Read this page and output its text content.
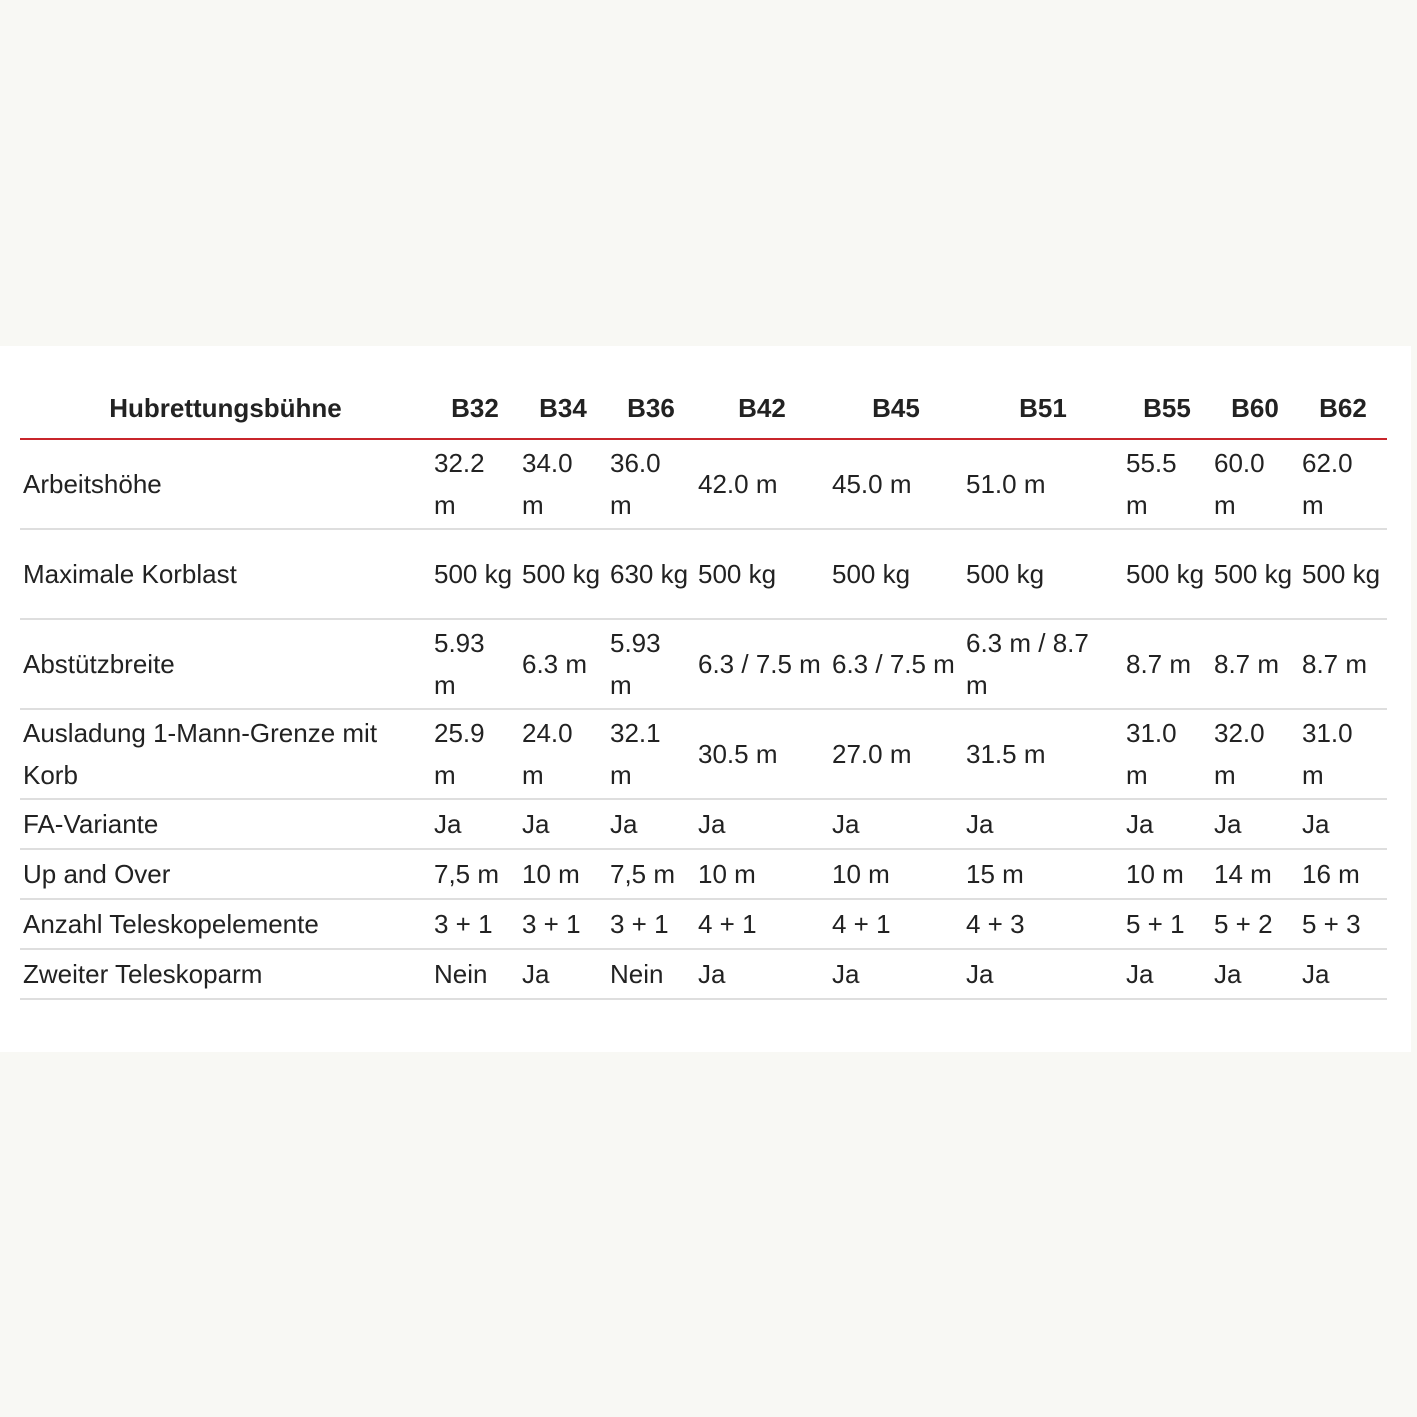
Hubrettungsbühne	B32	B34	B36	B42	B45	B51	B55	B60	B62
Arbeitshöhe	32.2 m	34.0 m	36.0 m	42.0 m	45.0 m	51.0 m	55.5 m	60.0 m	62.0 m
Maximale Korblast	500 kg	500 kg	630 kg	500 kg	500 kg	500 kg	500 kg	500 kg	500 kg
Abstützbreite	5.93 m	6.3 m	5.93 m	6.3 / 7.5 m	6.3 / 7.5 m	6.3 m / 8.7 m	8.7 m	8.7 m	8.7 m
Ausladung 1-Mann-Grenze mit Korb	25.9 m	24.0 m	32.1 m	30.5 m	27.0 m	31.5 m	31.0 m	32.0 m	31.0 m
FA-Variante	Ja	Ja	Ja	Ja	Ja	Ja	Ja	Ja	Ja
Up and Over	7,5 m	10 m	7,5 m	10 m	10 m	15 m	10 m	14 m	16 m
Anzahl Teleskopelemente	3 + 1	3 + 1	3 + 1	4 + 1	4 + 1	4 + 3	5 + 1	5 + 2	5 + 3
Zweiter Teleskoparm	Nein	Ja	Nein	Ja	Ja	Ja	Ja	Ja	Ja
